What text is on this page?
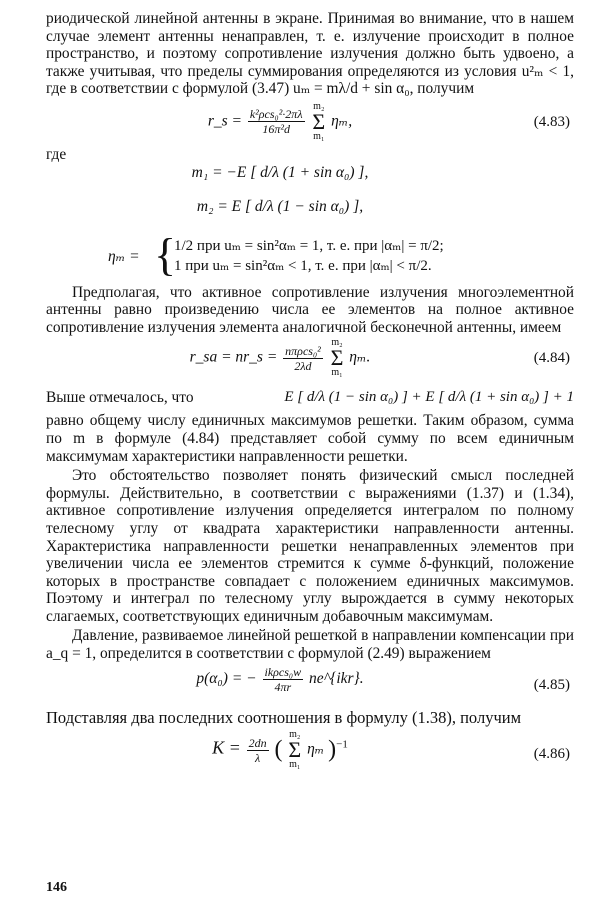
риодической линейной антенны в экране. Принимая во внимание, что в нашем случае элемент антенны ненаправлен, т. е. излучение происходит в полное пространство, и поэтому сопротивление излучения должно быть удвоено, а также учитывая, что пределы суммирования определяются из условия u²ₘ < 1, где в соответствии с формулой (3.47) uₘ = mλ/d + sin α₀, получим

r_s = $\frac{\text{k²ρcs₀²·2πλ}}{\text{16π²d}}$
m₂
Σ
m₁ ηₘ,	(4.83)

где

m₁ = −E [ d/λ (1 + sin α₀) ],
m₂ = E [ d/λ (1 − sin α₀) ],
ηₘ = {
1/2 при uₘ = sin²αₘ = 1, т. е. при |αₘ| = π/2;
1 при uₘ = sin²αₘ < 1, т. е. при |αₘ| < π/2.

Предполагая, что активное сопротивление излучения многоэлементной антенны равно произведению числа ее элементов на полное активное сопротивление излучения элемента аналогичной бесконечной антенны, имеем

r_sa = nr_s = $\frac{\text{nπρcs₀²}}{2\lambda d}$
m₂
Σ
m₁ ηₘ.	(4.84)
Выше отмечалось, что	E [ d/λ (1 − sin α₀) ] + E [ d/λ (1 + sin α₀) ] + 1

равно общему числу единичных максимумов решетки. Таким образом, сумма по m в формуле (4.84) представляет собой сумму по всем единичным максимумам характеристики направленности решетки.

Это обстоятельство позволяет понять физический смысл последней формулы. Действительно, в соответствии с выражениями (1.37) и (1.34), активное сопротивление излучения определяется интегралом по полному телесному углу от квадрата характеристики направленности антенны. Характеристика направленности решетки ненаправленных элементов при увеличении числа ее элементов стремится к сумме δ-функций, положение которых в пространстве совпадает с положением единичных максимумов. Поэтому и интеграл по телесному углу вырождается в сумму некоторых слагаемых, соответствующих единичным добавочным максимумам.

Давление, развиваемое линейной решеткой в направлении компенсации при a_q = 1, определится в соответствии с формулой (2.49) выражением

p(α₀) = − $\frac{\text{ikρcs₀w}}{4\pi r}$ ne^{ikr}.	(4.85)

Подставляя два последних соотношения в формулу (1.38), получим

$K = \frac{2dn}{\lambda}$ ( m₂
Σ
m₁ ηₘ )$^{-1}$
(4.86)
146
